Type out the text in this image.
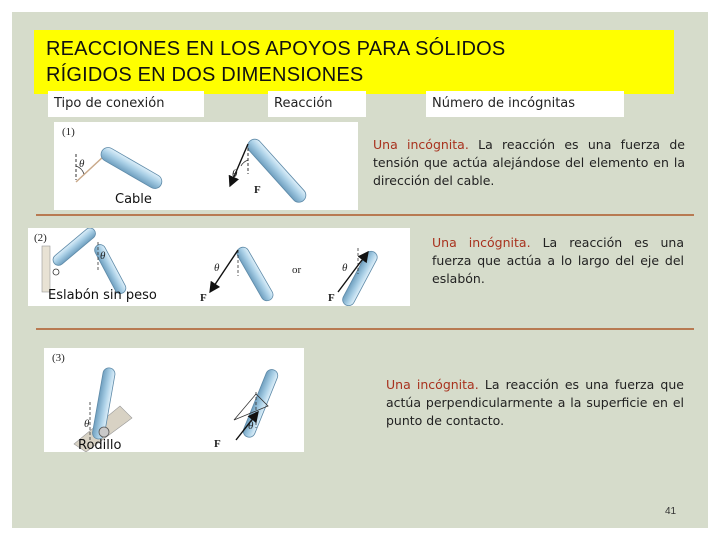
REACCIONES EN LOS APOYOS PARA SÓLIDOS
RÍGIDOS EN DOS DIMENSIONES
Tipo de conexión	Reacción	Número de incógnitas
(1)
θ
θ
F
Cable
Una incógnita. La reacción es una fuerza de tensión que actúa alejándose del elemento en la dirección del cable.
(2)
θ
θ
F
or	θ
F
Eslabón sin peso
Una incógnita. La reacción es una fuerza que actúa a lo largo del eje del eslabón.
(3)
θ	θ
F
Rodillo
Una incógnita. La reacción es una fuerza que actúa perpendicularmente a la superficie en el punto de contacto.
41
